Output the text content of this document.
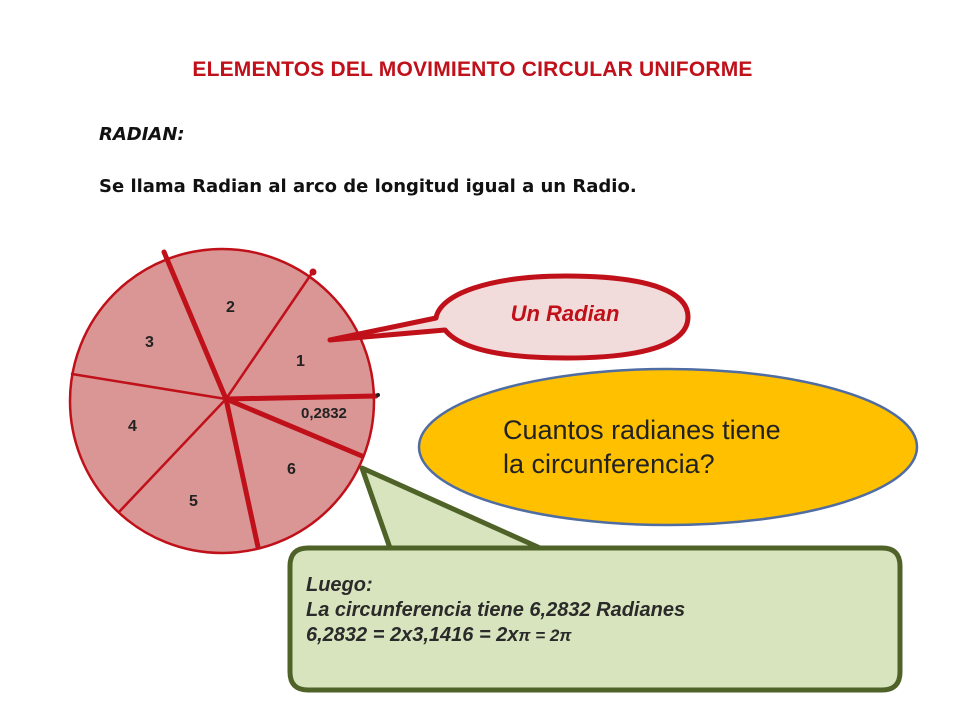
ELEMENTOS DEL MOVIMIENTO CIRCULAR UNIFORME
RADIAN:
Se llama Radian al arco de longitud igual a un Radio.
1
2
3
4
5
6
0,2832
Un Radian
Cuantos radianes tiene
la circunferencia?
Luego:
La circunferencia tiene 6,2832 Radianes
6,2832 = 2x3,1416 = 2xπ = 2π
